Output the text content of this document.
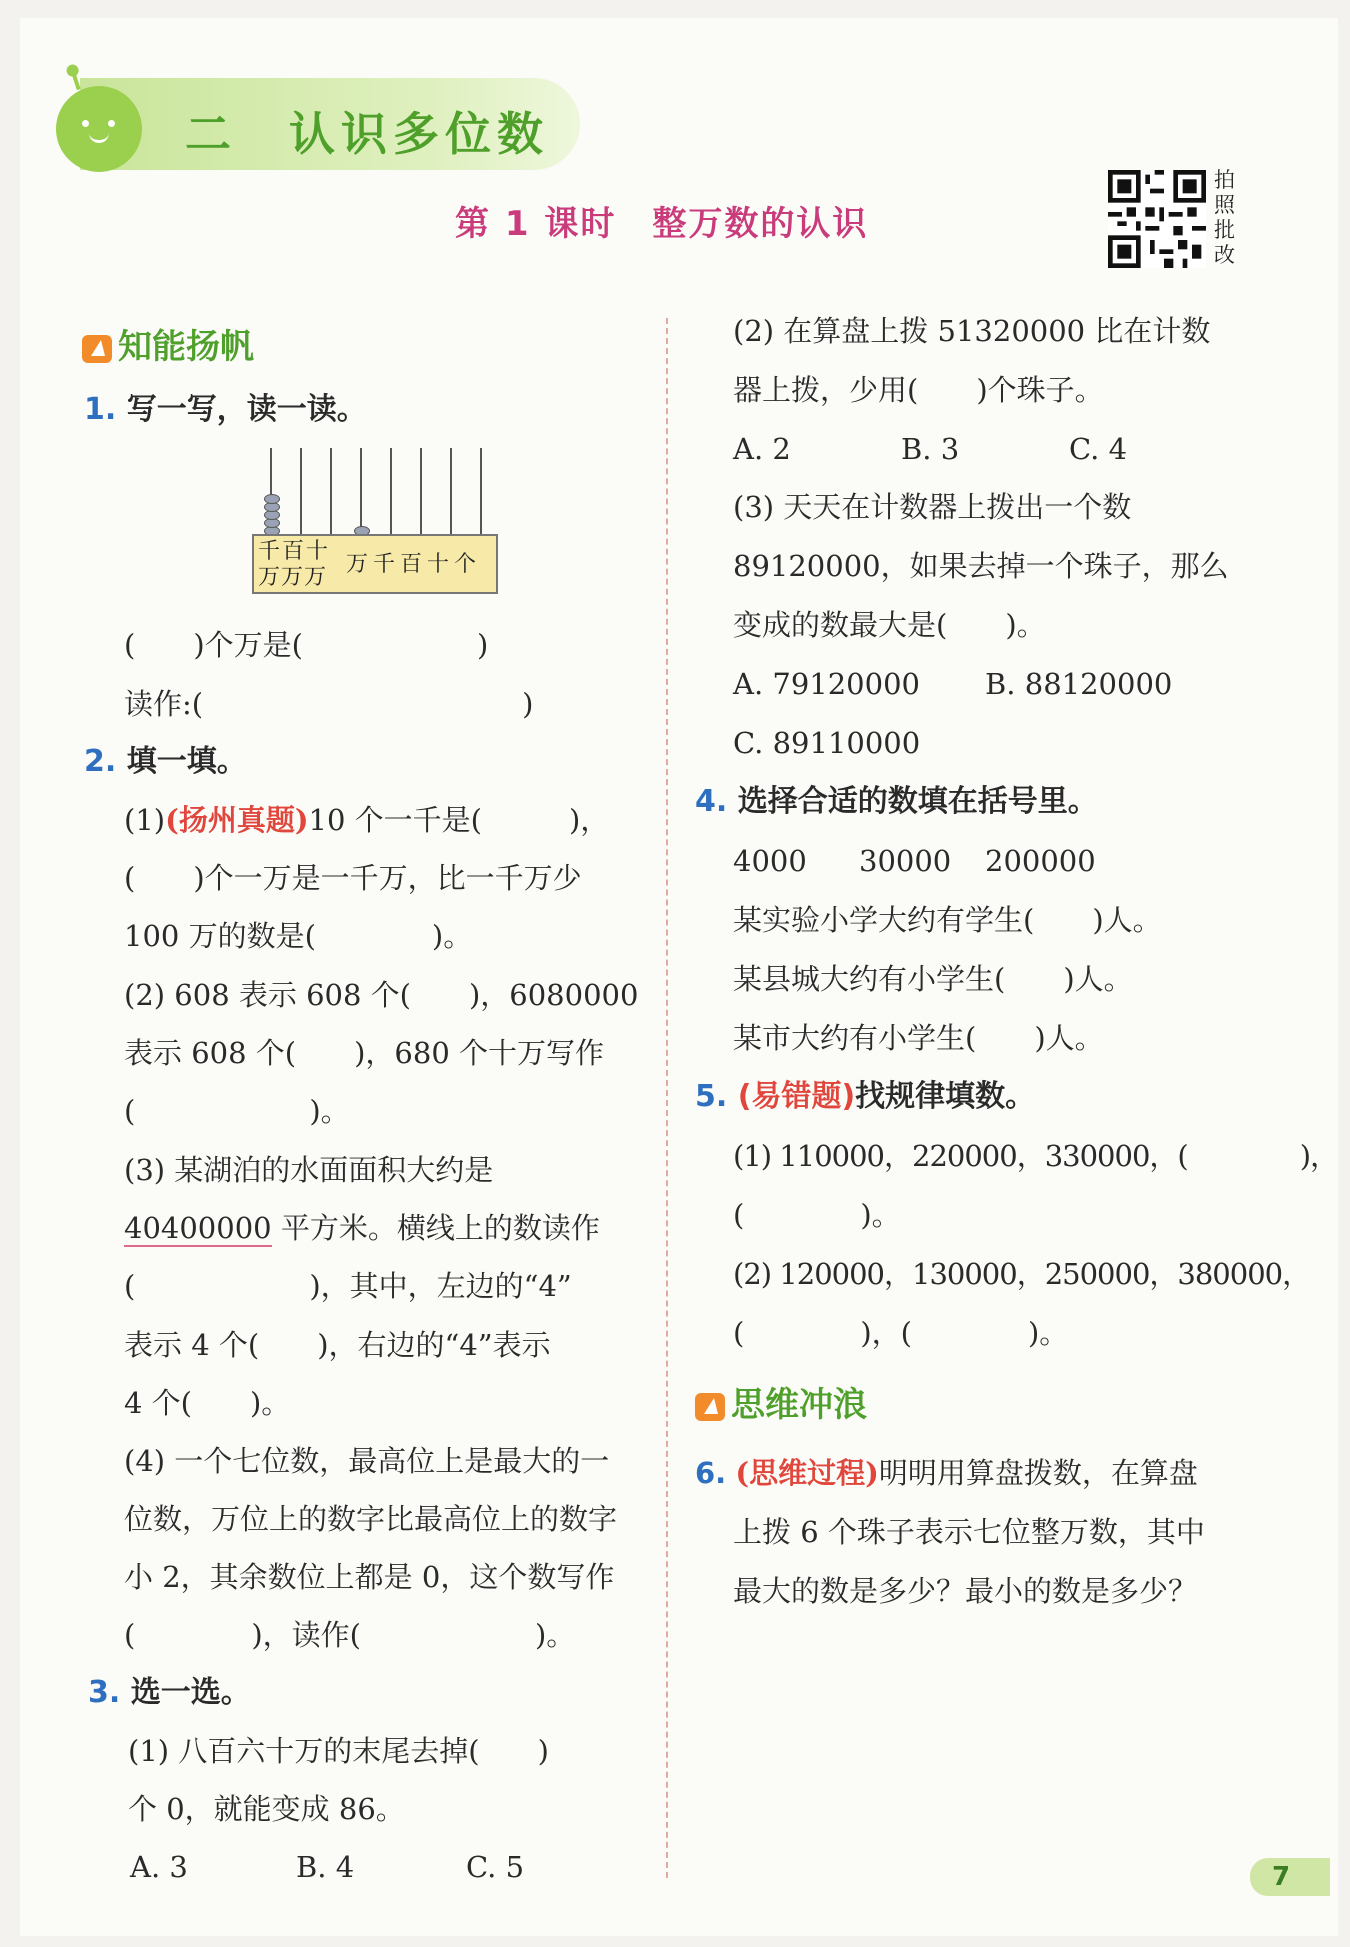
二　认识多位数
第 1 课时　整万数的认识
拍照批改
知能扬帆
1. 写一写，读一读。
(　　)个万是(　　　　　　)
读作:(　　　　　　　　　　　)
2. 填一填。
(1)(扬州真题)10 个一千是(　　　)，
(　　)个一万是一千万，比一千万少
100 万的数是(　　　　)。
(2) 608 表示 608 个(　　)，6080000
表示 608 个(　　)，680 个十万写作
(　　　　　　)。
(3) 某湖泊的水面面积大约是
40400000 平方米。横线上的数读作
(　　　　　　)，其中，左边的“4”
表示 4 个(　　)，右边的“4”表示
4 个(　　)。
(4) 一个七位数，最高位上是最大的一
位数，万位上的数字比最高位上的数字
小 2，其余数位上都是 0，这个数写作
(　　　　)，读作(　　　　　　)。
3. 选一选。
(1) 八百六十万的末尾去掉(　　)
个 0，就能变成 86。
A. 3	B. 4	C. 5
千 百 十
万万万
万千百十个
(2) 在算盘上拨 51320000 比在计数
器上拨，少用(　　)个珠子。
A. 2	B. 3	C. 4
(3) 天天在计数器上拨出一个数
89120000，如果去掉一个珠子，那么
变成的数最大是(　　)。
A. 79120000 B. 88120000
C. 89110000
4. 选择合适的数填在括号里。
4000 30000 200000
某实验小学大约有学生(　　)人。
某县城大约有小学生(　　)人。
某市大约有小学生(　　)人。
5. (易错题)找规律填数。
(1) 110000，220000，330000，(　　　　)，
(　　　　)。
(2) 120000，130000，250000，380000，
(　　　　)，(　　　　)。
思维冲浪
6. (思维过程)明明用算盘拨数，在算盘
上拨 6 个珠子表示七位整万数，其中
最大的数是多少？最小的数是多少？
7
